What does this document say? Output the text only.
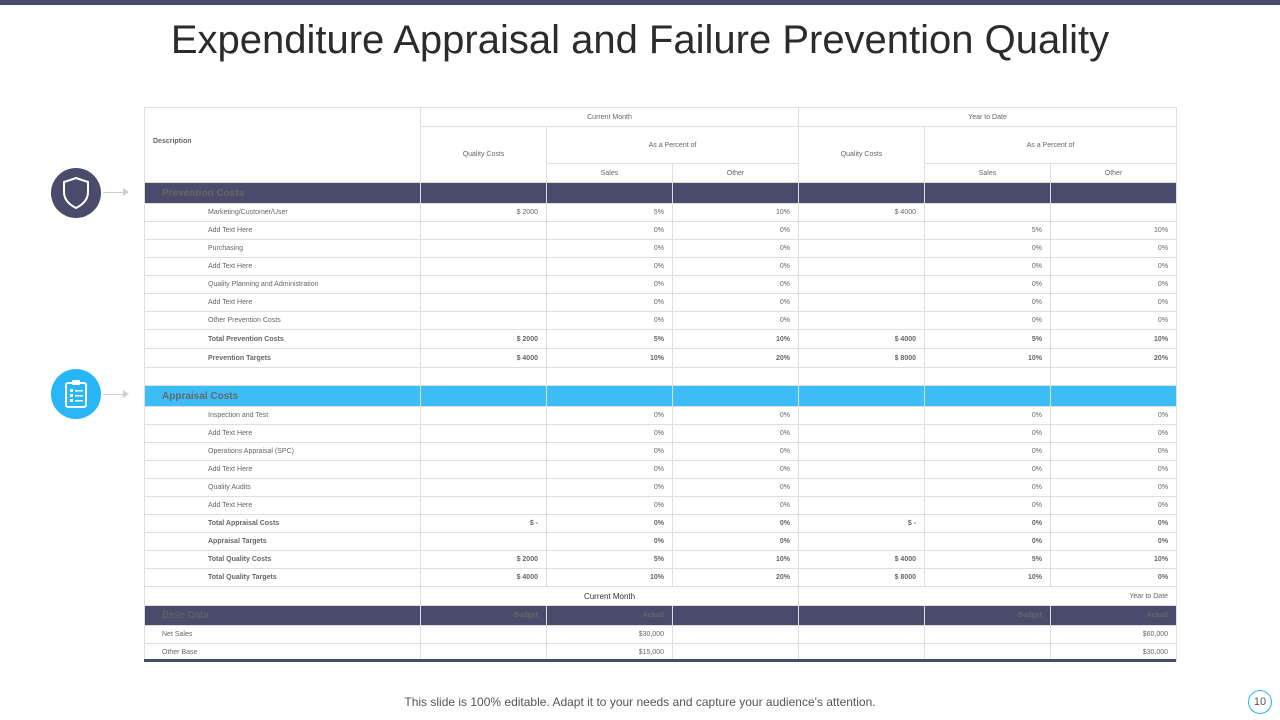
Expenditure Appraisal and Failure Prevention Quality
Description	Current Month			Year to Date		
	Quality Costs	As a Percent of		Quality Costs	As a Percent of	
		Sales	Other		Sales	Other
Prevention Costs						
Marketing/Customer/User	$ 2000	5%	10%	$ 4000		
Add Text Here		0%	0%		5%	10%
Purchasing		0%	0%		0%	0%
Add Text Here		0%	0%		0%	0%
Quality Planning and Administration		0%	0%		0%	0%
Add Text Here		0%	0%		0%	0%
Other Prevention Costs		0%	0%		0%	0%
Total Prevention Costs	$ 2000	5%	10%	$ 4000	5%	10%
Prevention Targets	$ 4000	10%	20%	$ 8000	10%	20%

Appraisal Costs						
Inspection and Test		0%	0%		0%	0%
Add Text Here		0%	0%		0%	0%
Operations Appraisal (SPC)		0%	0%		0%	0%
Add Text Here		0%	0%		0%	0%
Quality Audits		0%	0%		0%	0%
Add Text Here		0%	0%		0%	0%
Total Appraisal Costs	$ -	0%	0%	$ -	0%	0%
Appraisal Targets		0%	0%		0%	0%
Total Quality Costs	$ 2000	5%	10%	$ 4000	5%	10%
Total Quality Targets	$ 4000	10%	20%	$ 8000	10%	0%
	Current Month			Year to Date		
Base Data	Budget	Actual			Budget	Actual
Net Sales		$30,000				$60,000
Other Base		$15,000				$30,000
This slide is 100% editable. Adapt it to your needs and capture your audience's attention.	10
